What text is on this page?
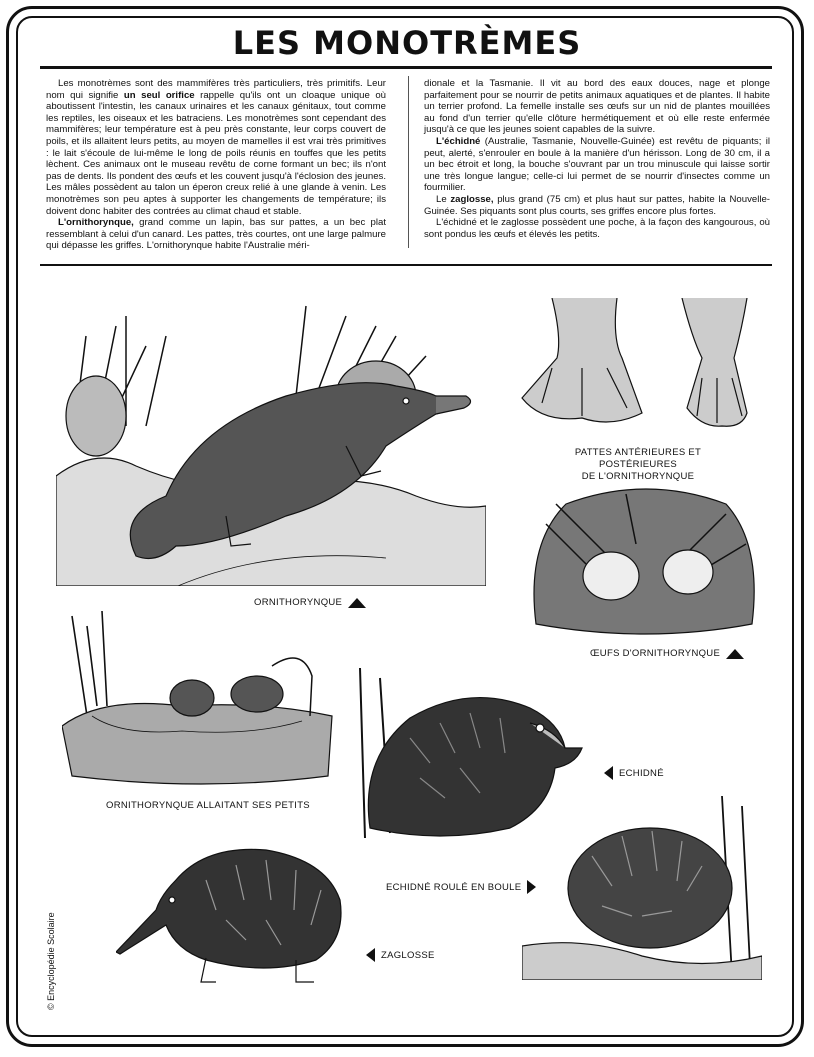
LES MONOTRÈMES

Les monotrèmes sont des mammifères très particuliers, très primitifs. Leur nom qui signifie un seul orifice rappelle qu'ils ont un cloaque unique où aboutissent l'intestin, les canaux urinaires et les canaux génitaux, tout comme les reptiles, les oiseaux et les batraciens. Les monotrèmes sont cependant des mammifères; leur température est à peu près constante, leur corps couvert de poils, et ils allaitent leurs petits, au moyen de mamelles il est vrai très primitives : le lait s'écoule de lui-même le long de poils réunis en touffes que les petits lèchent. Ces animaux ont le museau revêtu de corne formant un bec; ils n'ont pas de dents. Ils pondent des œufs et les couvent jusqu'à l'éclosion des jeunes. Les mâles possèdent au talon un éperon creux relié à une glande à venin. Les monotrèmes son peu aptes à supporter les changements de température; ils doivent donc habiter des contrées au climat chaud et stable.

L'ornithorynque, grand comme un lapin, bas sur pattes, a un bec plat ressemblant à celui d'un canard. Les pattes, très courtes, ont une large palmure qui dépasse les griffes. L'ornithorynque habite l'Australie méri-

dionale et la Tasmanie. Il vit au bord des eaux douces, nage et plonge parfaitement pour se nourrir de petits animaux aquatiques et de plantes. Il habite un terrier profond. La femelle installe ses œufs sur un nid de plantes mouillées au fond d'un terrier qu'elle clôture hermétiquement et où elle reste enfermée jusqu'à ce que les jeunes soient capables de la suivre.

L'échidné (Australie, Tasmanie, Nouvelle-Guinée) est revêtu de piquants; il peut, alerté, s'enrouler en boule à la manière d'un hérisson. Long de 30 cm, il a un bec étroit et long, la bouche s'ouvrant par un trou minuscule qui laisse sortir une très longue langue; celle-ci lui permet de se nourrir d'insectes comme un fourmilier.

Le zaglosse, plus grand (75 cm) et plus haut sur pattes, habite la Nouvelle-Guinée. Ses piquants sont plus courts, ses griffes encore plus fortes.

L'échidné et le zaglosse possèdent une poche, à la façon des kangourous, où sont pondus les œufs et élevés les petits.

PATTES ANTÉRIEURES ET POSTÉRIEURES
DE L'ORNITHORYNQUE
ORNITHORYNQUE
ŒUFS D'ORNITHORYNQUE
ORNITHORYNQUE ALLAITANT SES PETITS
ECHIDNÉ
ECHIDNÉ ROULÉ EN BOULE
ZAGLOSSE
© Encyclopédie Scolaire
